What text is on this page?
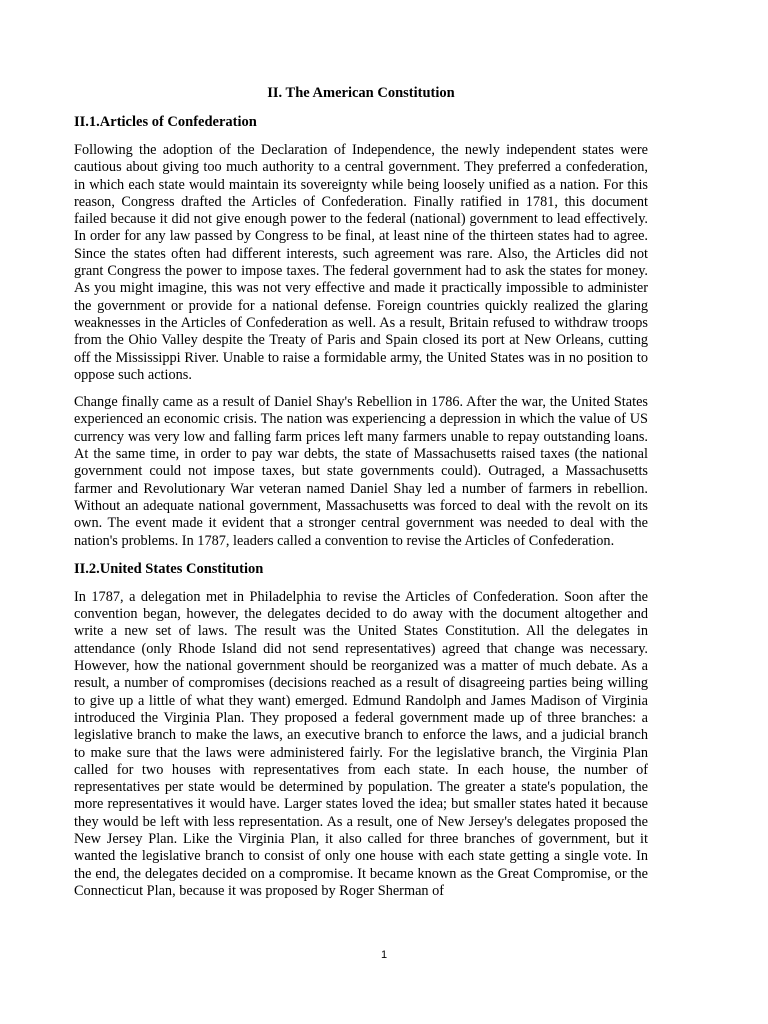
II. The American Constitution
II.1.Articles of Confederation

Following the adoption of the Declaration of Independence, the newly independent states were cautious about giving too much authority to a central government. They preferred a confederation, in which each state would maintain its sovereignty while being loosely unified as a nation. For this reason, Congress drafted the Articles of Confederation. Finally ratified in 1781, this document failed because it did not give enough power to the federal (national) government to lead effectively. In order for any law passed by Congress to be final, at least nine of the thirteen states had to agree. Since the states often had different interests, such agreement was rare. Also, the Articles did not grant Congress the power to impose taxes. The federal government had to ask the states for money. As you might imagine, this was not very effective and made it practically impossible to administer the government or provide for a national defense. Foreign countries quickly realized the glaring weaknesses in the Articles of Confederation as well. As a result, Britain refused to withdraw troops from the Ohio Valley despite the Treaty of Paris and Spain closed its port at New Orleans, cutting off the Mississippi River. Unable to raise a formidable army, the United States was in no position to oppose such actions.

Change finally came as a result of Daniel Shay's Rebellion in 1786. After the war, the United States experienced an economic crisis. The nation was experiencing a depression in which the value of US currency was very low and falling farm prices left many farmers unable to repay outstanding loans. At the same time, in order to pay war debts, the state of Massachusetts raised taxes (the national government could not impose taxes, but state governments could). Outraged, a Massachusetts farmer and Revolutionary War veteran named Daniel Shay led a number of farmers in rebellion. Without an adequate national government, Massachusetts was forced to deal with the revolt on its own. The event made it evident that a stronger central government was needed to deal with the nation's problems. In 1787, leaders called a convention to revise the Articles of Confederation.

II.2.United States Constitution

In 1787, a delegation met in Philadelphia to revise the Articles of Confederation. Soon after the convention began, however, the delegates decided to do away with the document altogether and write a new set of laws. The result was the United States Constitution. All the delegates in attendance (only Rhode Island did not send representatives) agreed that change was necessary. However, how the national government should be reorganized was a matter of much debate. As a result, a number of compromises (decisions reached as a result of disagreeing parties being willing to give up a little of what they want) emerged. Edmund Randolph and James Madison of Virginia introduced the Virginia Plan. They proposed a federal government made up of three branches: a legislative branch to make the laws, an executive branch to enforce the laws, and a judicial branch to make sure that the laws were administered fairly. For the legislative branch, the Virginia Plan called for two houses with representatives from each state. In each house, the number of representatives per state would be determined by population. The greater a state's population, the more representatives it would have. Larger states loved the idea; but smaller states hated it because they would be left with less representation. As a result, one of New Jersey's delegates proposed the New Jersey Plan. Like the Virginia Plan, it also called for three branches of government, but it wanted the legislative branch to consist of only one house with each state getting a single vote. In the end, the delegates decided on a compromise. It became known as the Great Compromise, or the Connecticut Plan, because it was proposed by Roger Sherman of

1
